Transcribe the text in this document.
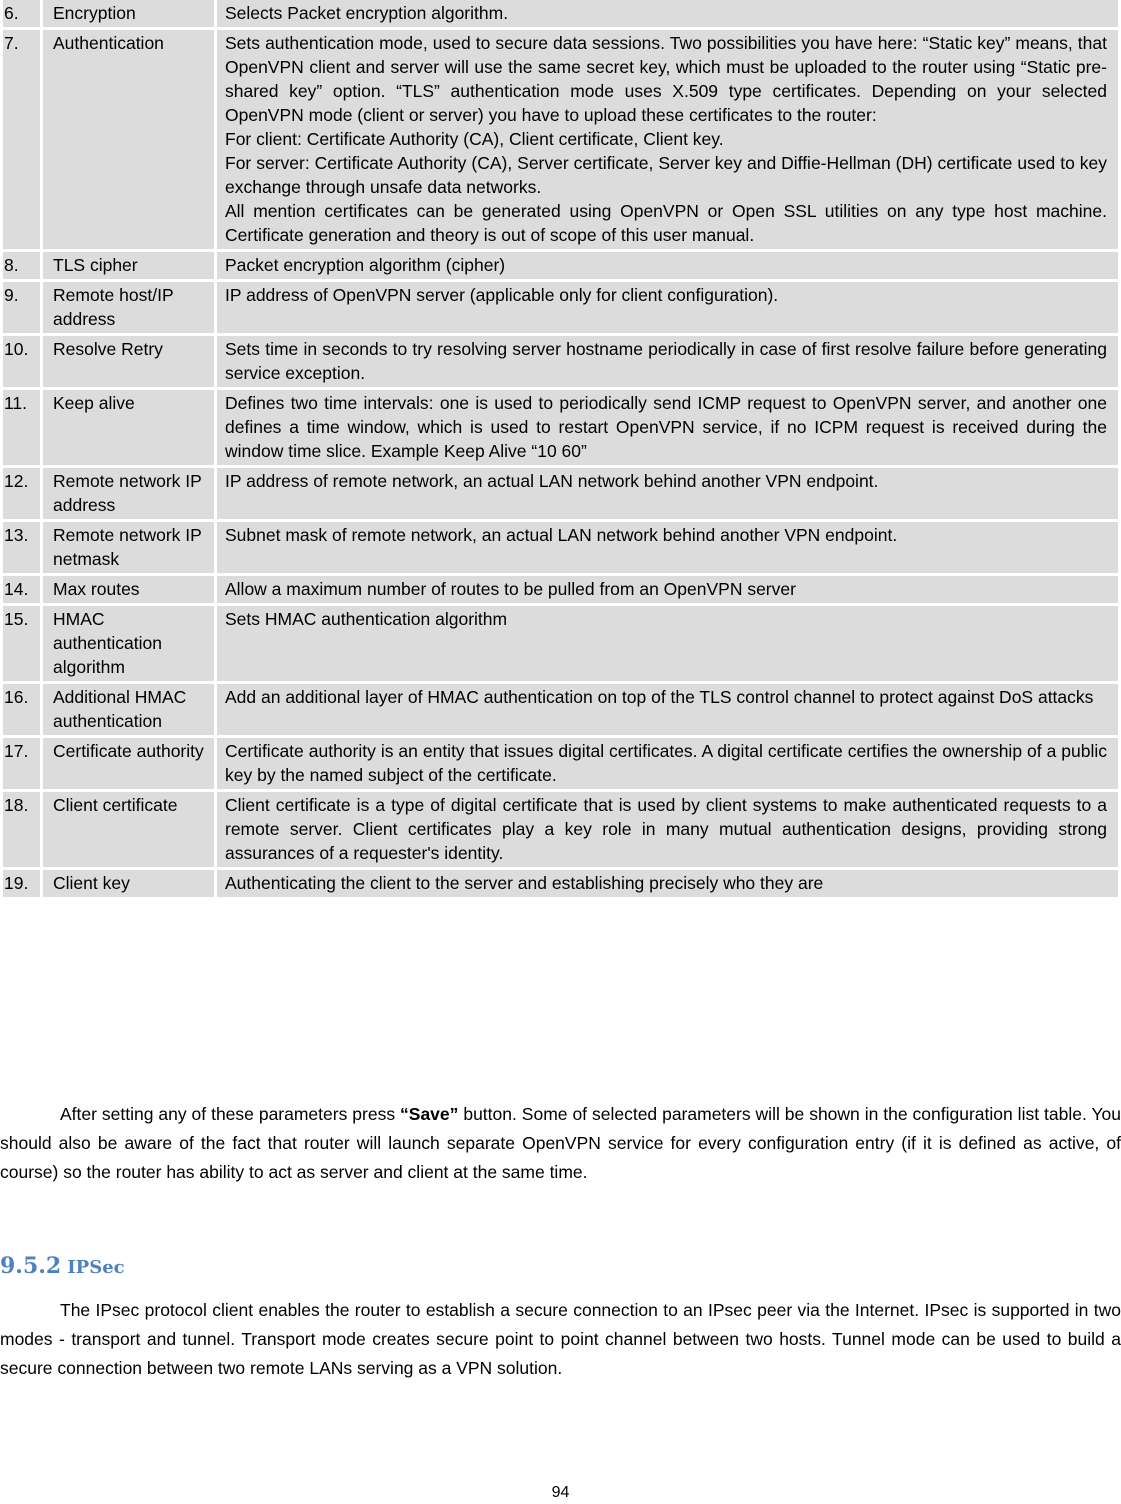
6.	Encryption	Selects Packet encryption algorithm.

7.	Authentication	Sets authentication mode, used to secure data sessions. Two possibilities you have here: “Static key” means, that OpenVPN client and server will use the same secret key, which must be uploaded to the router using “Static pre-shared key” option. “TLS” authentication mode uses X.509 type certificates. Depending on your selected OpenVPN mode (client or server) you have to upload these certificates to the router:

For client: Certificate Authority (CA), Client certificate, Client key.

For server: Certificate Authority (CA), Server certificate, Server key and Diffie-Hellman (DH) certificate used to key exchange through unsafe data networks.

All mention certificates can be generated using OpenVPN or Open SSL utilities on any type host machine. Certificate generation and theory is out of scope of this user manual.

8.	TLS cipher	Packet encryption algorithm (cipher)

9.	Remote host/IP address	IP address of OpenVPN server (applicable only for client configuration).

10.	Resolve Retry	Sets time in seconds to try resolving server hostname periodically in case of first resolve failure before generating service exception.

11.	Keep alive	Defines two time intervals: one is used to periodically send ICMP request to OpenVPN server, and another one defines a time window, which is used to restart OpenVPN service, if no ICPM request is received during the window time slice. Example Keep Alive “10 60”

12.	Remote network IP address	IP address of remote network, an actual LAN network behind another VPN endpoint.

13.	Remote network IP netmask	Subnet mask of remote network, an actual LAN network behind another VPN endpoint.

14.	Max routes	Allow a maximum number of routes to be pulled from an OpenVPN server

15.	HMAC authentication algorithm	Sets HMAC authentication algorithm

16.	Additional HMAC authentication	Add an additional layer of HMAC authentication on top of the TLS control channel to protect against DoS attacks

17.	Certificate authority	Certificate authority is an entity that issues digital certificates. A digital certificate certifies the ownership of a public key by the named subject of the certificate.

18.	Client certificate	Client certificate is a type of digital certificate that is used by client systems to make authenticated requests to a remote server. Client certificates play a key role in many mutual authentication designs, providing strong assurances of a requester's identity.

19.	Client key	Authenticating the client to the server and establishing precisely who they are

After setting any of these parameters press “Save” button. Some of selected parameters will be shown in the configuration list table. You should also be aware of the fact that router will launch separate OpenVPN service for every configuration entry (if it is defined as active, of course) so the router has ability to act as server and client at the same time.

9.5.2 IPSec

The IPsec protocol client enables the router to establish a secure connection to an IPsec peer via the Internet. IPsec is supported in two modes - transport and tunnel. Transport mode creates secure point to point channel between two hosts. Tunnel mode can be used to build a secure connection between two remote LANs serving as a VPN solution.

94
